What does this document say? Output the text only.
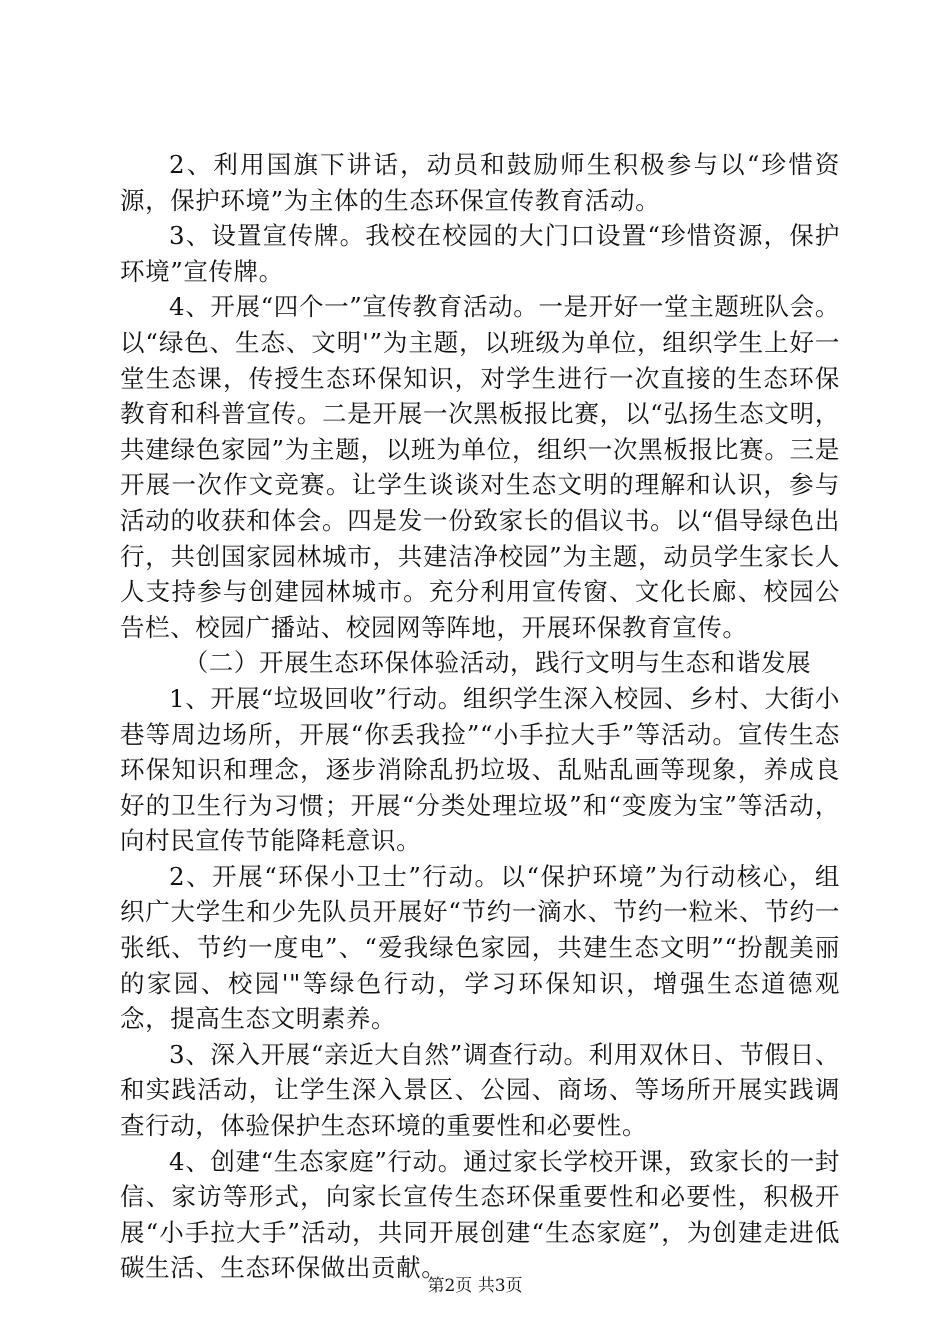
2、利用国旗下讲话，动员和鼓励师生积极参与以“珍惜资源，保护环境”为主体的生态环保宣传教育活动。

3、设置宣传牌。我校在校园的大门口设置“珍惜资源，保护环境”宣传牌。

4、开展“四个一”宣传教育活动。一是开好一堂主题班队会。以“绿色、生态、文明'”为主题，以班级为单位，组织学生上好一堂生态课，传授生态环保知识，对学生进行一次直接的生态环保教育和科普宣传。二是开展一次黑板报比赛，以“弘扬生态文明，共建绿色家园”为主题，以班为单位，组织一次黑板报比赛。三是开展一次作文竞赛。让学生谈谈对生态文明的理解和认识，参与活动的收获和体会。四是发一份致家长的倡议书。以“倡导绿色出行，共创国家园林城市，共建洁净校园”为主题，动员学生家长人人支持参与创建园林城市。充分利用宣传窗、文化长廊、校园公告栏、校园广播站、校园网等阵地，开展环保教育宣传。

（二）开展生态环保体验活动，践行文明与生态和谐发展

1、开展“垃圾回收”行动。组织学生深入校园、乡村、大街小巷等周边场所，开展“你丢我捡”“小手拉大手”等活动。宣传生态环保知识和理念，逐步消除乱扔垃圾、乱贴乱画等现象，养成良好的卫生行为习惯；开展“分类处理垃圾”和“变废为宝”等活动，向村民宣传节能降耗意识。

2、开展“环保小卫士”行动。以“保护环境”为行动核心，组织广大学生和少先队员开展好“节约一滴水、节约一粒米、节约一张纸、节约一度电”、“爱我绿色家园，共建生态文明”“扮靓美丽的家园、校园'"等绿色行动，学习环保知识，增强生态道德观念，提高生态文明素养。

3、深入开展“亲近大自然”调查行动。利用双休日、节假日、和实践活动，让学生深入景区、公园、商场、等场所开展实践调查行动，体验保护生态环境的重要性和必要性。

4、创建“生态家庭”行动。通过家长学校开课，致家长的一封信、家访等形式，向家长宣传生态环保重要性和必要性，积极开展“小手拉大手”活动，共同开展创建“生态家庭”，为创建走进低碳生活、生态环保做出贡献。

第2页 共3页
